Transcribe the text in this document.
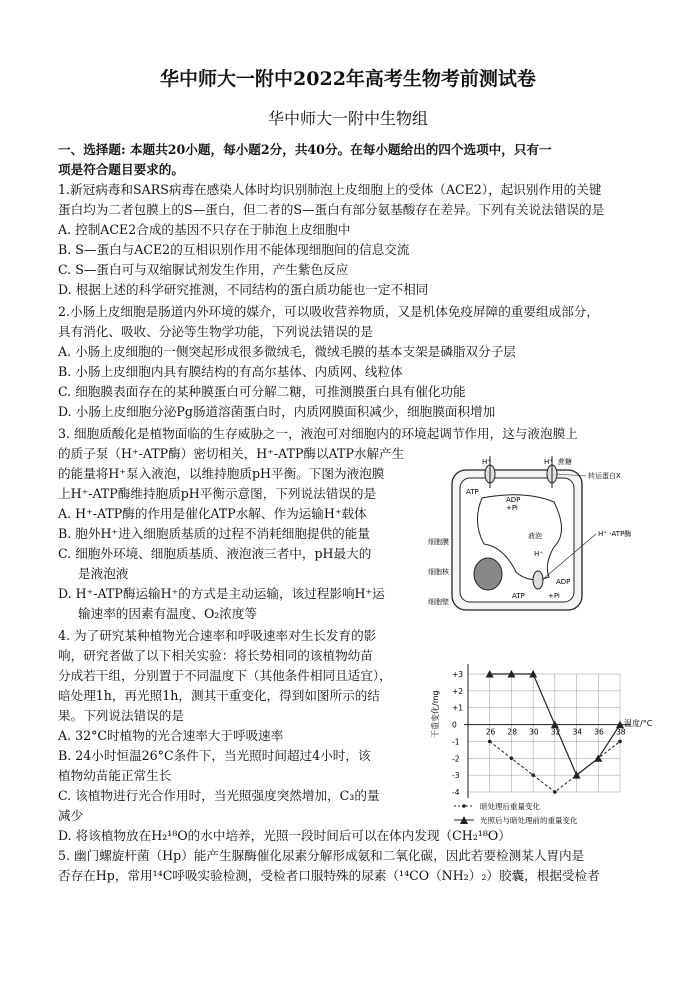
华中师大一附中2022年高考生物考前测试卷
华中师大一附中生物组
一、选择题: 本题共20小题，每小题2分，共40分。在每小题给出的四个选项中，只有一
项是符合题目要求的。
1.新冠病毒和SARS病毒在感染人体时均识别肺泡上皮细胞上的受体（ACE2），起识别作用的关键
蛋白均为二者包膜上的S—蛋白，但二者的S—蛋白有部分氨基酸存在差异。下列有关说法错误的是
A. 控制ACE2合成的基因不只存在于肺泡上皮细胞中
B. S—蛋白与ACE2的互相识别作用不能体现细胞间的信息交流
C. S—蛋白可与双缩脲试剂发生作用，产生紫色反应
D. 根据上述的科学研究推测，不同结构的蛋白质功能也一定不相同
2.小肠上皮细胞是肠道内外环境的媒介，可以吸收营养物质，又是机体免疫屏障的重要组成部分，
具有消化、吸收、分泌等生物学功能，下列说法错误的是
A. 小肠上皮细胞的一侧突起形成很多微绒毛，微绒毛膜的基本支架是磷脂双分子层
B. 小肠上皮细胞内具有膜结构的有高尔基体、内质网、线粒体
C. 细胞膜表面存在的某种膜蛋白可分解二糖，可推测膜蛋白具有催化功能
D. 小肠上皮细胞分泌Pg肠道溶菌蛋白时，内质网膜面积减少，细胞膜面积增加
3. 细胞质酸化是植物面临的生存威胁之一，液泡可对细胞内的环境起调节作用，这与液泡膜上
的质子泵（H⁺-ATP酶）密切相关，H⁺-ATP酶以ATP水解产生
的能量将H⁺泵入液泡，以维持胞质pH平衡。下图为液泡膜
上H⁺-ATP酶维持胞质pH平衡示意图，下列说法错误的是
A. H⁺-ATP酶的作用是催化ATP水解、作为运输H⁺载体
B. 胞外H⁺进入细胞质基质的过程不消耗细胞提供的能量
C. 细胞外环境、细胞质基质、液泡液三者中，pH最大的
是液泡液
D. H⁺-ATP酶运输H⁺的方式是主动运输，该过程影响H⁺运
输速率的因素有温度、O₂浓度等
4. 为了研究某种植物光合速率和呼吸速率对生长发育的影
响，研究者做了以下相关实验：将长势相同的该植物幼苗
分成若干组，分别置于不同温度下（其他条件相同且适宜），
暗处理1h，再光照1h，测其干重变化，得到如图所示的结
果。下列说法错误的是
A. 32°C时植物的光合速率大于呼吸速率
B. 24小时恒温26°C条件下，当光照时间超过4小时，该
植物幼苗能正常生长
C. 该植物进行光合作用时，当光照强度突然增加，C₃的量
减少
D. 将该植物放在H₂¹⁸O的水中培养，光照一段时间后可以在体内发现（CH₂¹⁸O）
5. 幽门螺旋杆菌（Hp）能产生脲酶催化尿素分解形成氨和二氧化碳，因此若要检测某人胃内是
否存在Hp，常用¹⁴C呼吸实验检测，受检者口服特殊的尿素（¹⁴CO（NH₂）₂）胶囊，根据受检者
H⁺	H⁺ 蔗糖
转运蛋白X
ATP
ADP
+Pi
液泡
H⁺
H⁺ -ATP酶
ADP
ATP	+Pi
细胞膜
细胞核
细胞壁
+3
+2
+1
0
-1
-2
-3
-4
26 28 30 32 34 36 38
干重变化/mg	温度/°C
暗处理后重量变化
光照后与暗处理前的重量变化
